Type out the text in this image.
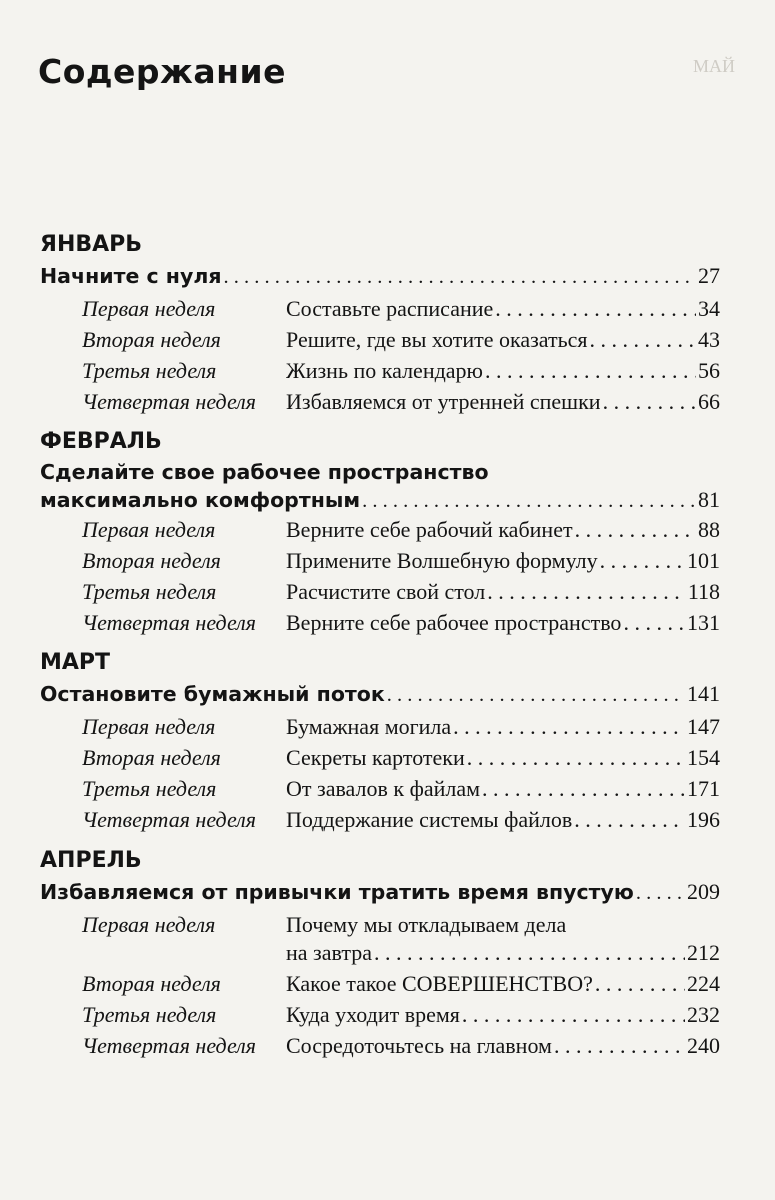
МАЙ
Содержание
ЯНВАРЬ
Начните с нуля . . .	27
Первая неделя	Составьте расписание . . .	34
Вторая неделя	Решите, где вы хотите оказаться . . .	43
Третья неделя	Жизнь по календарю . . .	56
Четвертая неделя Избавляемся от утренней спешки . . .	66
ФЕВРАЛЬ
Сделайте свое рабочее пространство
максимально комфортным . . .	81
Первая неделя	Верните себе рабочий кабинет . . .	88
Вторая неделя	Примените Волшебную формулу . . .	101
Третья неделя	Расчистите свой стол . . .	118
Четвертая неделя Верните себе рабочее пространство . . .	131
МАРТ
Остановите бумажный поток . . .	141
Первая неделя	Бумажная могила . . .	147
Вторая неделя	Секреты картотеки . . .	154
Третья неделя	От завалов к файлам . . .	171
Четвертая неделя Поддержание системы файлов . . .	196
АПРЕЛЬ
Избавляемся от привычки тратить время впустую . . . 209
Первая неделя	Почему мы откладываем дела
на завтра . . .	212
Вторая неделя	Какое такое СОВЕРШЕНСТВО? . . .	224
Третья неделя	Куда уходит время . . .	232
Четвертая неделя Сосредоточьтесь на главном . . .	240
